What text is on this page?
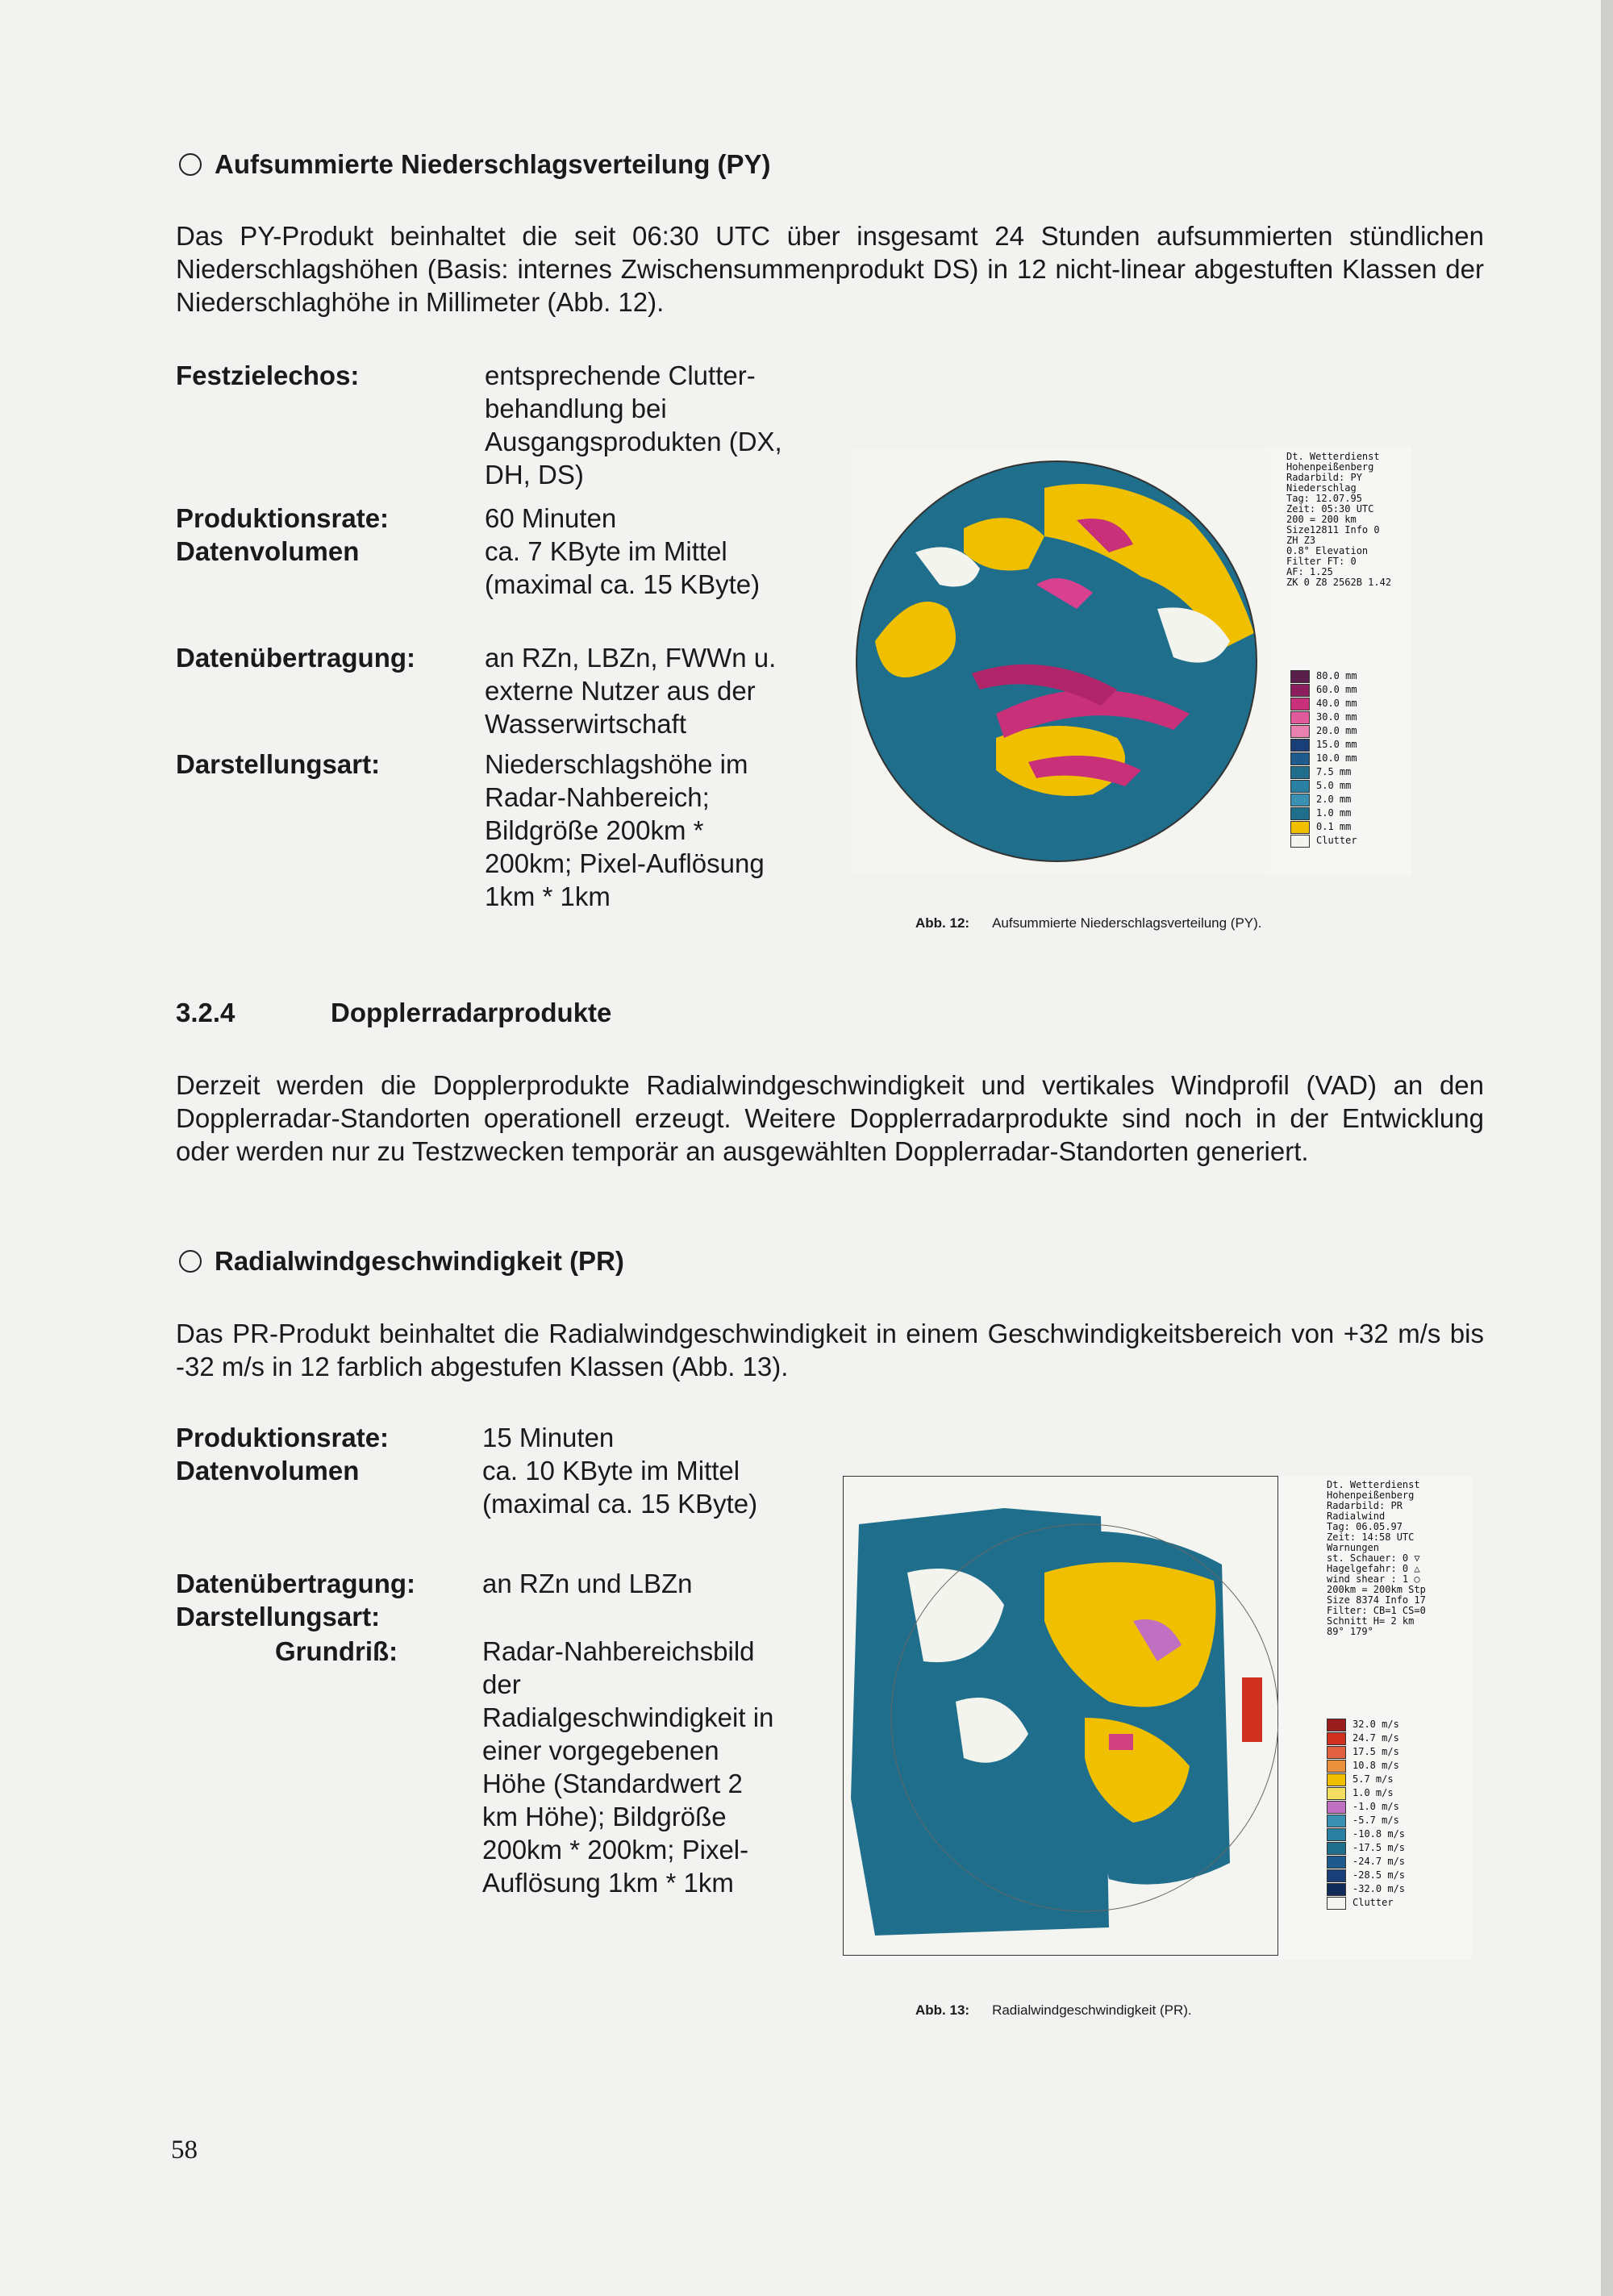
Aufsummierte Niederschlagsverteilung (PY)
Das PY-Produkt beinhaltet die seit 06:30 UTC über insgesamt 24 Stunden aufsummierten stündlichen Niederschlagshöhen (Basis: internes Zwischensummenprodukt DS) in 12 nicht-linear abgestuften Klassen der Niederschlaghöhe in Millimeter (Abb. 12).
Festzielechos:	entsprechende Clutter-behandlung bei Ausgangsprodukten (DX, DH, DS)
Produktionsrate:	60 Minuten
Datenvolumen	ca. 7 KByte im Mittel (maximal ca. 15 KByte)
Datenübertragung:	an RZn, LBZn, FWWn u. externe Nutzer aus der Wasserwirtschaft
Darstellungsart:	Niederschlagshöhe im Radar-Nahbereich; Bildgröße 200km * 200km; Pixel-Auflösung 1km * 1km
Dt. Wetterdienst
Hohenpeißenberg
Radarbild: PY
Niederschlag
Tag: 12.07.95
Zeit: 05:30 UTC
200 = 200 km
Size12811 Info 0
ZH Z3
0.8° Elevation
Filter FT: 0
AF: 1.25
ZK 0 Z8 2562B 1.42
80.0 mm
60.0 mm
40.0 mm
30.0 mm
20.0 mm
15.0 mm
10.0 mm
7.5 mm
5.0 mm
2.0 mm
1.0 mm
0.1 mm
Clutter
Abb. 12: Aufsummierte Niederschlagsverteilung (PY).
3.2.4	Dopplerradarprodukte
Derzeit werden die Dopplerprodukte Radialwindgeschwindigkeit und vertikales Windprofil (VAD) an den Dopplerradar-Standorten operationell erzeugt. Weitere Dopplerradarprodukte sind noch in der Entwicklung oder werden nur zu Testzwecken temporär an ausgewählten Dopplerradar-Standorten generiert.
Radialwindgeschwindigkeit (PR)
Das PR-Produkt beinhaltet die Radialwindgeschwindigkeit in einem Geschwindigkeitsbereich von +32 m/s bis -32 m/s in 12 farblich abgestufen Klassen (Abb. 13).
Produktionsrate:	15 Minuten
Datenvolumen	ca. 10 KByte im Mittel (maximal ca. 15 KByte)
Datenübertragung:	an RZn und LBZn
Darstellungsart:
Grundriß:	Radar-Nahbereichsbild der Radialgeschwindigkeit in einer vorgegebenen Höhe (Standardwert 2 km Höhe); Bildgröße 200km * 200km; Pixel-Auflösung 1km * 1km
Dt. Wetterdienst
Hohenpeißenberg
Radarbild: PR
Radialwind
Tag: 06.05.97
Zeit: 14:58 UTC
Warnungen
st. Schauer: 0 ▽
Hagelgefahr: 0 △
wind shear : 1 ○
200km = 200km Stp
Size 8374 Info 17
Filter: CB=1 CS=0
Schnitt H= 2 km
89° 179°
32.0 m/s
24.7 m/s
17.5 m/s
10.8 m/s
5.7 m/s
1.0 m/s
-1.0 m/s
-5.7 m/s
-10.8 m/s
-17.5 m/s
-24.7 m/s
-28.5 m/s
-32.0 m/s
Clutter
Abb. 13: Radialwindgeschwindigkeit (PR).
58
